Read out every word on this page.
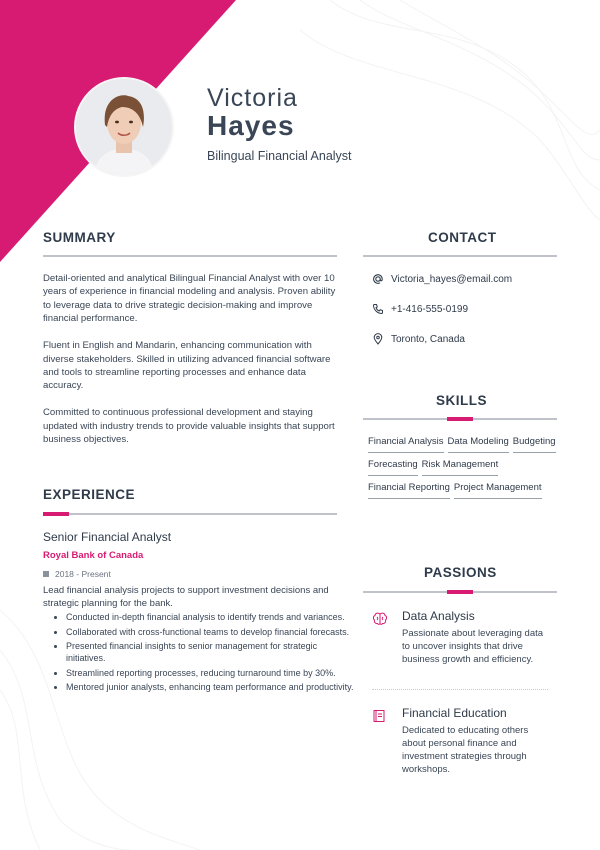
Victoria
Hayes
Bilingual Financial Analyst
SUMMARY

Detail-oriented and analytical Bilingual Financial Analyst with over 10 years of experience in financial modeling and analysis. Proven ability to leverage data to drive strategic decision-making and improve financial performance.

Fluent in English and Mandarin, enhancing communication with diverse stakeholders. Skilled in utilizing advanced financial software and tools to streamline reporting processes and enhance data accuracy.

Committed to continuous professional development and staying updated with industry trends to provide valuable insights that support business objectives.

EXPERIENCE
Senior Financial Analyst
Royal Bank of Canada
2018 - Present
Lead financial analysis projects to support investment decisions and strategic planning for the bank.
• Conducted in-depth financial analysis to identify trends and variances.
• Collaborated with cross-functional teams to develop financial forecasts.
• Presented financial insights to senior management for strategic initiatives.
• Streamlined reporting processes, reducing turnaround time by 30%.
• Mentored junior analysts, enhancing team performance and productivity.
CONTACT
Victoria_hayes@email.com
+1-416-555-0199
Toronto, Canada
SKILLS
Financial Analysis Data Modeling Budgeting
Forecasting Risk Management
Financial Reporting Project Management
PASSIONS
Data Analysis
Passionate about leveraging data to uncover insights that drive business growth and efficiency.
Financial Education
Dedicated to educating others about personal finance and investment strategies through workshops.
